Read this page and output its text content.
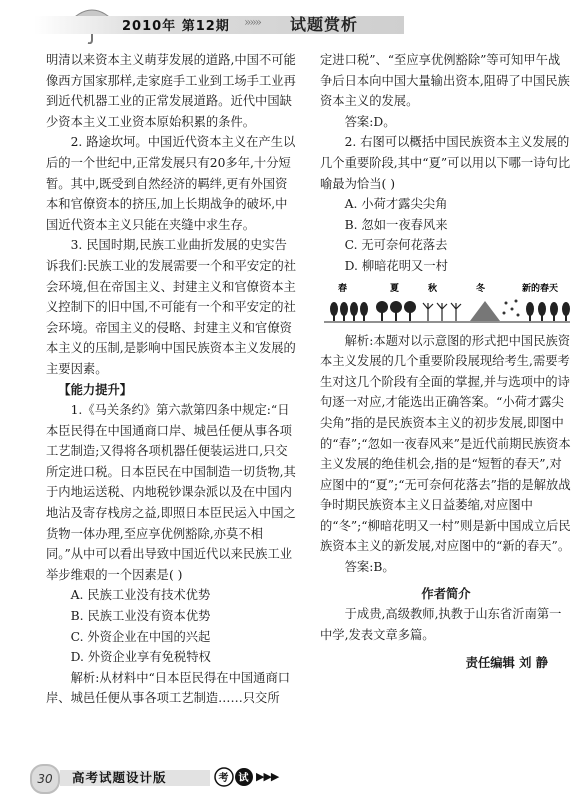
2010年 第12期 »»» 试题赏析

明清以来资本主义萌芽发展的道路,中国不可能像西方国家那样,走家庭手工业到工场手工业再到近代机器工业的正常发展道路。近代中国缺少资本主义工业资本原始积累的条件。

2. 路途坎坷。中国近代资本主义在产生以后的一个世纪中,正常发展只有20多年,十分短暂。其中,既受到自然经济的羁绊,更有外国资本和官僚资本的挤压,加上长期战争的破坏,中国近代资本主义只能在夹缝中求生存。

3. 民国时期,民族工业曲折发展的史实告诉我们:民族工业的发展需要一个和平安定的社会环境,但在帝国主义、封建主义和官僚资本主义控制下的旧中国,不可能有一个和平安定的社会环境。帝国主义的侵略、封建主义和官僚资本主义的压制,是影响中国民族资本主义发展的主要因素。

【能力提升】

1.《马关条约》第六款第四条中规定:“日本臣民得在中国通商口岸、城邑任便从事各项工艺制造;又得将各项机器任便装运进口,只交所定进口税。日本臣民在中国制造一切货物,其于内地运送税、内地税钞课杂派以及在中国内地沾及寄存栈房之益,即照日本臣民运入中国之货物一体办理,至应享优例豁除,亦莫不相同。”从中可以看出导致中国近代以来民族工业举步维艰的一个因素是( )

A. 民族工业没有技术优势

B. 民族工业没有资本优势

C. 外资企业在中国的兴起

D. 外资企业享有免税特权

解析:从材料中“日本臣民得在中国通商口岸、城邑任便从事各项工艺制造……只交所

定进口税”、“至应享优例豁除”等可知甲午战争后日本向中国大量输出资本,阻碍了中国民族资本主义的发展。

答案:D。

2. 右图可以概括中国民族资本主义发展的几个重要阶段,其中“夏”可以用以下哪一诗句比喻最为恰当( )

A. 小荷才露尖尖角

B. 忽如一夜春风来

C. 无可奈何花落去

D. 柳暗花明又一村

春	夏	秋	冬	新的春天

解析:本题对以示意图的形式把中国民族资本主义发展的几个重要阶段展现给考生,需要考生对这几个阶段有全面的掌握,并与选项中的诗句逐一对应,才能选出正确答案。“小荷才露尖尖角”指的是民族资本主义的初步发展,即图中的“春”;“忽如一夜春风来”是近代前期民族资本主义发展的绝佳机会,指的是“短暂的春天”,对应图中的“夏”;“无可奈何花落去”指的是解放战争时期民族资本主义日益萎缩,对应图中的“冬”;“柳暗花明又一村”则是新中国成立后民族资本主义的新发展,对应图中的“新的春天”。

答案:B。

作者简介

于成贵,高级教师,执教于山东省沂南第一中学,发表文章多篇。

责任编辑 刘 静

30	高考试题设计版	考 试 ▶▶▶
